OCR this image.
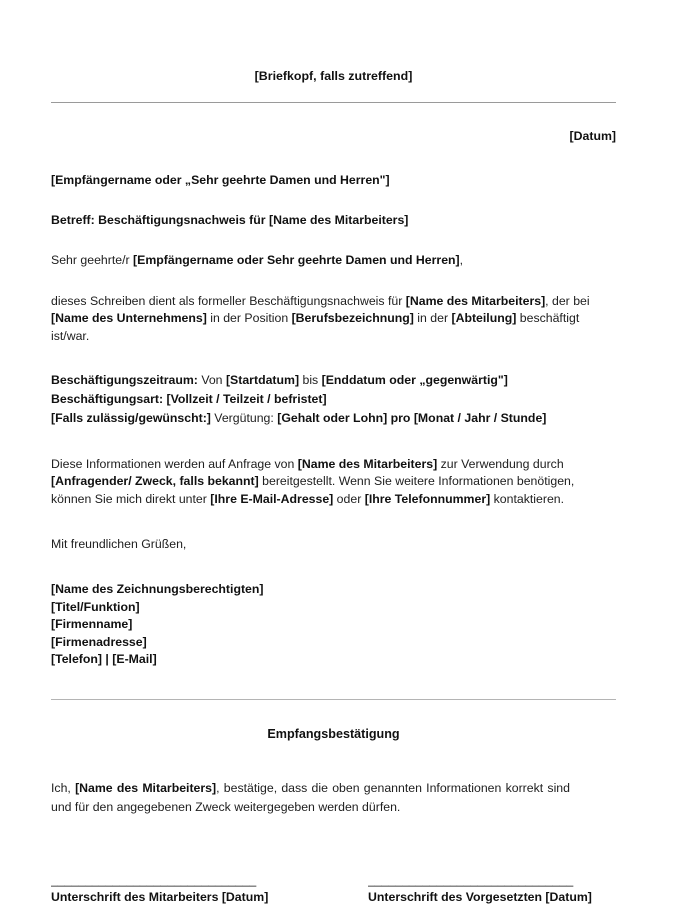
[Briefkopf, falls zutreffend]
[Datum]
[Empfängername oder „Sehr geehrte Damen und Herren"]
Betreff: Beschäftigungsnachweis für [Name des Mitarbeiters]
Sehr geehrte/r [Empfängername oder Sehr geehrte Damen und Herren],
dieses Schreiben dient als formeller Beschäftigungsnachweis für [Name des Mitarbeiters], der bei [Name des Unternehmens] in der Position [Berufsbezeichnung] in der [Abteilung] beschäftigt ist/war.
Beschäftigungszeitraum: Von [Startdatum] bis [Enddatum oder „gegenwärtig"]
Beschäftigungsart: [Vollzeit / Teilzeit / befristet]
[Falls zulässig/gewünscht:] Vergütung: [Gehalt oder Lohn] pro [Monat / Jahr / Stunde]
Diese Informationen werden auf Anfrage von [Name des Mitarbeiters] zur Verwendung durch [Anfragender/ Zweck, falls bekannt] bereitgestellt. Wenn Sie weitere Informationen benötigen, können Sie mich direkt unter [Ihre E-Mail-Adresse] oder [Ihre Telefonnummer] kontaktieren.
Mit freundlichen Grüßen,
[Name des Zeichnungsberechtigten]
[Titel/Funktion]
[Firmenname]
[Firmenadresse]
[Telefon] | [E-Mail]
Empfangsbestätigung
Ich, [Name des Mitarbeiters], bestätige, dass die oben genannten Informationen korrekt sind und für den angegebenen Zweck weitergegeben werden dürfen.
______________________________
Unterschrift des Mitarbeiters [Datum]
______________________________
Unterschrift des Vorgesetzten [Datum]
